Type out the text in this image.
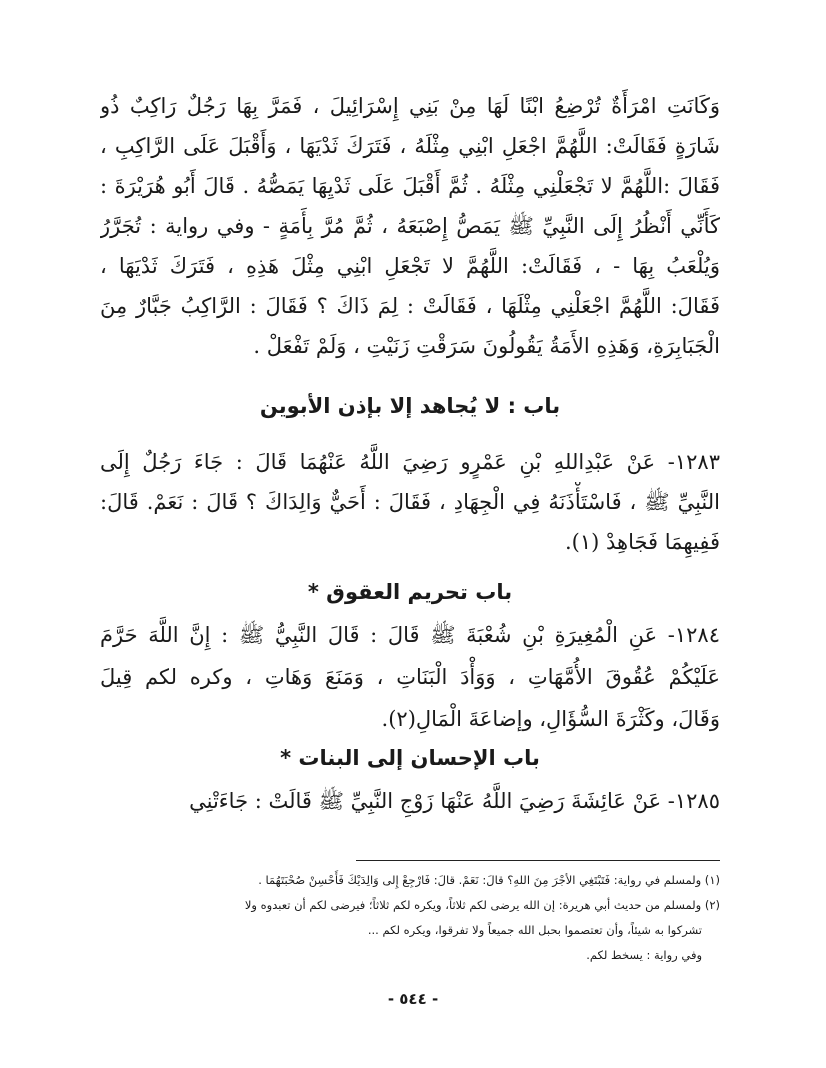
وَكَانَتِ امْرَأَةٌ تُرْضِعُ ابْنًا لَهَا مِنْ بَنِي إِسْرَائِيلَ ، فَمَرَّ بِهَا رَجُلٌ رَاكِبٌ ذُو
شَارَةٍ فَقَالَتْ: اللَّهُمَّ اجْعَلِ ابْنِي مِثْلَهُ ، فَتَرَكَ ثَدْيَهَا ، وَأَقْبَلَ عَلَى الرَّاكِبِ ،
فَقَالَ :اللَّهُمَّ لا تَجْعَلْنِي مِثْلَهُ . ثُمَّ أَقْبَلَ عَلَى ثَدْيِهَا يَمَصُّهُ . قَالَ أَبُو هُرَيْرَةَ :
كَأَنِّي أَنْظُرُ إِلَى النَّبِيِّ ﷺ يَمَصُّ إِصْبَعَهُ ، ثُمَّ مُرَّ بِأَمَةٍ - وفي رواية : تُجَرَّرُ
وَيُلْعَبُ بِهَا - ، فَقَالَتْ: اللَّهُمَّ لا تَجْعَلِ ابْنِي مِثْلَ هَذِهِ ، فَتَرَكَ ثَدْيَهَا ،
فَقَالَ: اللَّهُمَّ اجْعَلْنِي مِثْلَهَا ، فَقَالَتْ : لِمَ ذَاكَ ؟ فَقَالَ : الرَّاكِبُ جَبَّارٌ مِنَ
الْجَبَابِرَةِ، وَهَذِهِ الأَمَةُ يَقُولُونَ سَرَقْتِ زَنَيْتِ ، وَلَمْ تَفْعَلْ .
باب : لا يُجاهد إلا بإذن الأبوين
١٢٨٣- عَنْ عَبْدِاللهِ بْنِ عَمْرٍو رَضِيَ اللَّهُ عَنْهُمَا قَالَ : جَاءَ رَجُلٌ إِلَى
النَّبِيِّ ﷺ ، فَاسْتَأْذَنَهُ فِي الْجِهَادِ ، فَقَالَ : أَحَيٌّ وَالِدَاكَ ؟ قَالَ : نَعَمْ. قَالَ:
فَفِيهِمَا فَجَاهِدْ (١).
باب تحريم العقوق *
١٢٨٤- عَنِ الْمُغِيرَةِ بْنِ شُعْبَةَ ﷺ قَالَ : قَالَ النَّبِيُّ ﷺ : إِنَّ اللَّهَ حَرَّمَ
عَلَيْكُمْ عُقُوقَ الأُمَّهَاتِ ، وَوَأْدَ الْبَنَاتِ ، وَمَنَعَ وَهَاتِ ، وكره لكم قِيلَ
وَقَالَ، وكَثْرَةَ السُّؤَالِ، وإضاعَةَ الْمَالِ(٢).
باب الإحسان إلى البنات *
١٢٨٥- عَنْ عَائِشَةَ رَضِيَ اللَّهُ عَنْهَا زَوْجِ النَّبِيِّ ﷺ قَالَتْ : جَاءَتْنِي
(١) ولمسلم في رواية: فَتَبْتَغِي الأجْرَ مِنَ اللهِ؟ قالَ: نَعَمْ. قالَ: فَارْجِعْ إِلى وَالِدَيْكَ فَأَحْسِنْ صُحْبَتَهُمَا .
(٢) ولمسلم من حديث أبي هريرة: إن الله يرضى لكم ثلاثاً، ويكره لكم ثلاثاً؛ فيرضى لكم أن تعبدوه ولا
تشركوا به شيئاً، وأن تعتصموا بحبل الله جميعاً ولا تفرقوا، ويكره لكم ...
وفي رواية : يسخط لكم.
- ٥٤٤ -
